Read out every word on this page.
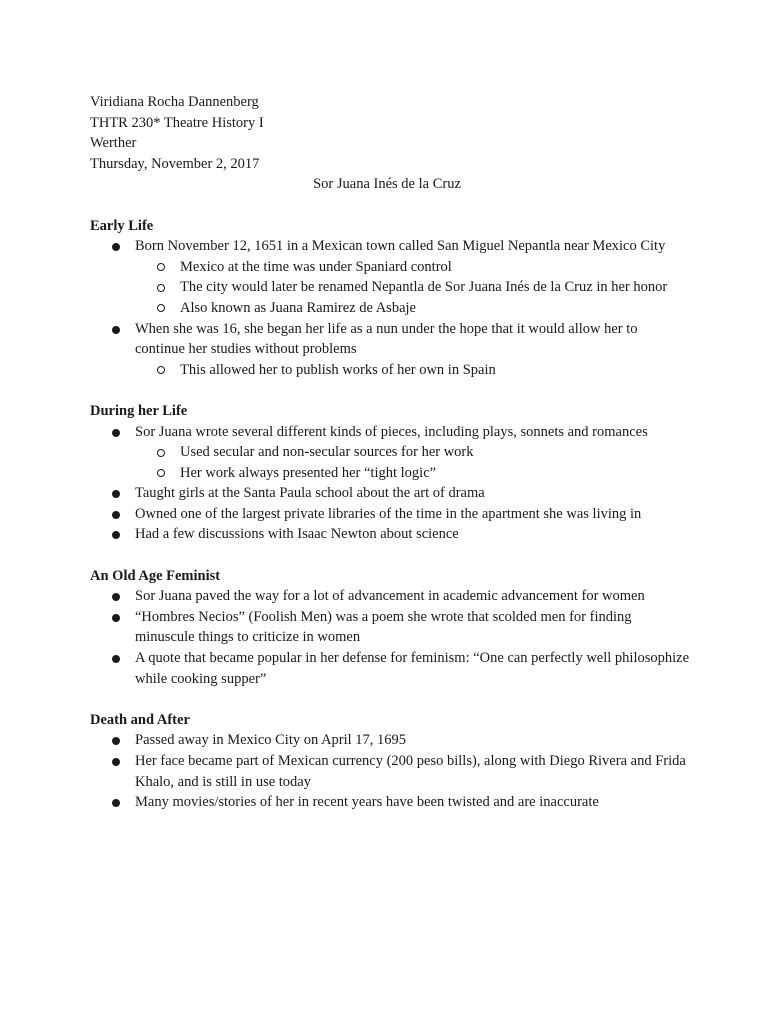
Viridiana Rocha Dannenberg
THTR 230* Theatre History I
Werther
Thursday, November 2, 2017
Sor Juana Inés de la Cruz
Early Life
Born November 12, 1651 in a Mexican town called San Miguel Nepantla near Mexico City
Mexico at the time was under Spaniard control
The city would later be renamed Nepantla de Sor Juana Inés de la Cruz in her honor
Also known as Juana Ramirez de Asbaje
When she was 16, she began her life as a nun under the hope that it would allow her to continue her studies without problems
This allowed her to publish works of her own in Spain
During her Life
Sor Juana wrote several different kinds of pieces, including plays, sonnets and romances
Used secular and non-secular sources for her work
Her work always presented her “tight logic”
Taught girls at the Santa Paula school about the art of drama
Owned one of the largest private libraries of the time in the apartment she was living in
Had a few discussions with Isaac Newton about science
An Old Age Feminist
Sor Juana paved the way for a lot of advancement in academic advancement for women
“Hombres Necios” (Foolish Men) was a poem she wrote that scolded men for finding minuscule things to criticize in women
A quote that became popular in her defense for feminism: “One can perfectly well philosophize while cooking supper”
Death and After
Passed away in Mexico City on April 17, 1695
Her face became part of Mexican currency (200 peso bills), along with Diego Rivera and Frida Khalo, and is still in use today
Many movies/stories of her in recent years have been twisted and are inaccurate
